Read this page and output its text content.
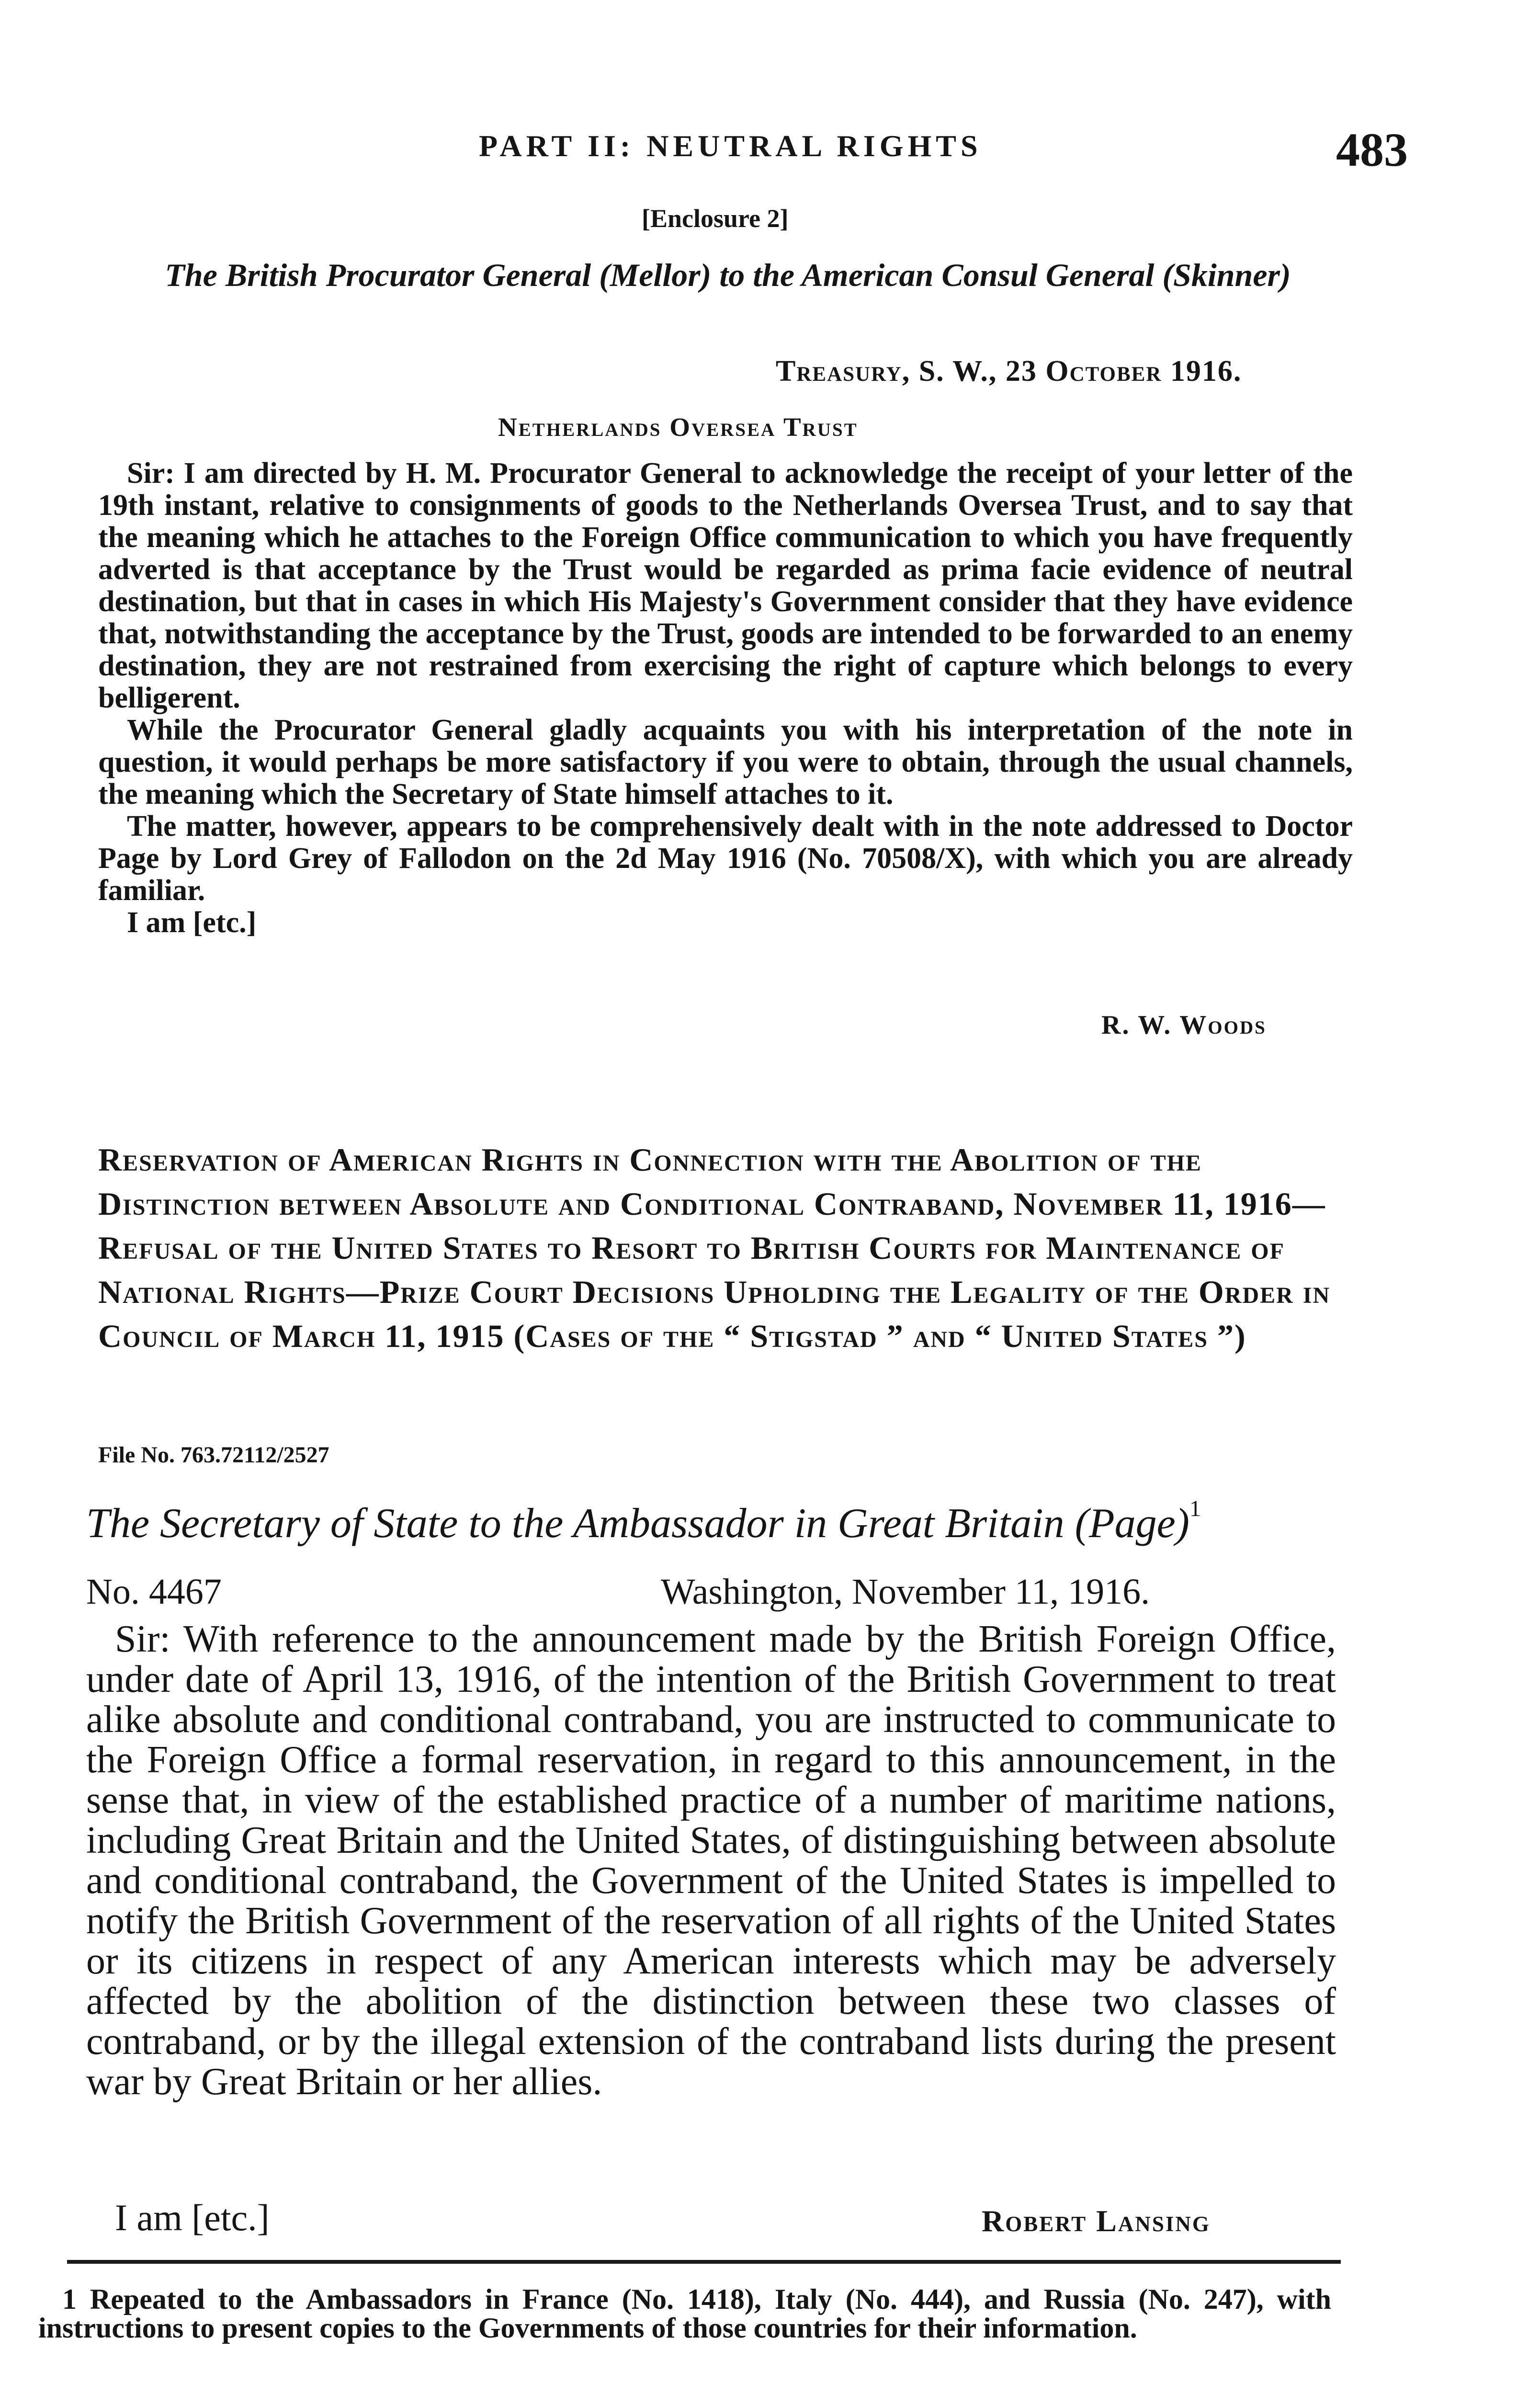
PART II: NEUTRAL RIGHTS	483
[Enclosure 2]
The British Procurator General (Mellor) to the American Consul General (Skinner)
Treasury, S. W., 23 October 1916.
Netherlands Oversea Trust

Sir: I am directed by H. M. Procurator General to acknowledge the receipt of your letter of the 19th instant, relative to consignments of goods to the Netherlands Oversea Trust, and to say that the meaning which he attaches to the Foreign Office communication to which you have frequently adverted is that acceptance by the Trust would be regarded as prima facie evidence of neutral destination, but that in cases in which His Majesty's Government consider that they have evidence that, notwithstanding the acceptance by the Trust, goods are intended to be forwarded to an enemy destination, they are not restrained from exercising the right of capture which belongs to every belligerent.

While the Procurator General gladly acquaints you with his interpretation of the note in question, it would perhaps be more satisfactory if you were to obtain, through the usual channels, the meaning which the Secretary of State himself attaches to it.

The matter, however, appears to be comprehensively dealt with in the note addressed to Doctor Page by Lord Grey of Fallodon on the 2d May 1916 (No. 70508/X), with which you are already familiar.

I am [etc.]

R. W. Woods
Reservation of American Rights in Connection with the Abolition of the Distinction between Absolute and Conditional Contraband, November 11, 1916—Refusal of the United States to Resort to British Courts for Maintenance of National Rights—Prize Court Decisions Upholding the Legality of the Order in Council of March 11, 1915 (Cases of the “ Stigstad ” and “ United States ”)
File No. 763.72112/2527
The Secretary of State to the Ambassador in Great Britain (Page)$^1$
No. 4467	Washington, November 11, 1916.

Sir: With reference to the announcement made by the British Foreign Office, under date of April 13, 1916, of the intention of the British Government to treat alike absolute and conditional contraband, you are instructed to communicate to the Foreign Office a formal reservation, in regard to this announcement, in the sense that, in view of the established practice of a number of maritime nations, including Great Britain and the United States, of distinguishing between absolute and conditional contraband, the Government of the United States is impelled to notify the British Government of the reservation of all rights of the United States or its citizens in respect of any American interests which may be adversely affected by the abolition of the distinction between these two classes of contraband, or by the illegal extension of the contraband lists during the present war by Great Britain or her allies.

I am [etc.]	Robert Lansing

1 Repeated to the Ambassadors in France (No. 1418), Italy (No. 444), and Russia (No. 247), with instructions to present copies to the Governments of those countries for their information.
